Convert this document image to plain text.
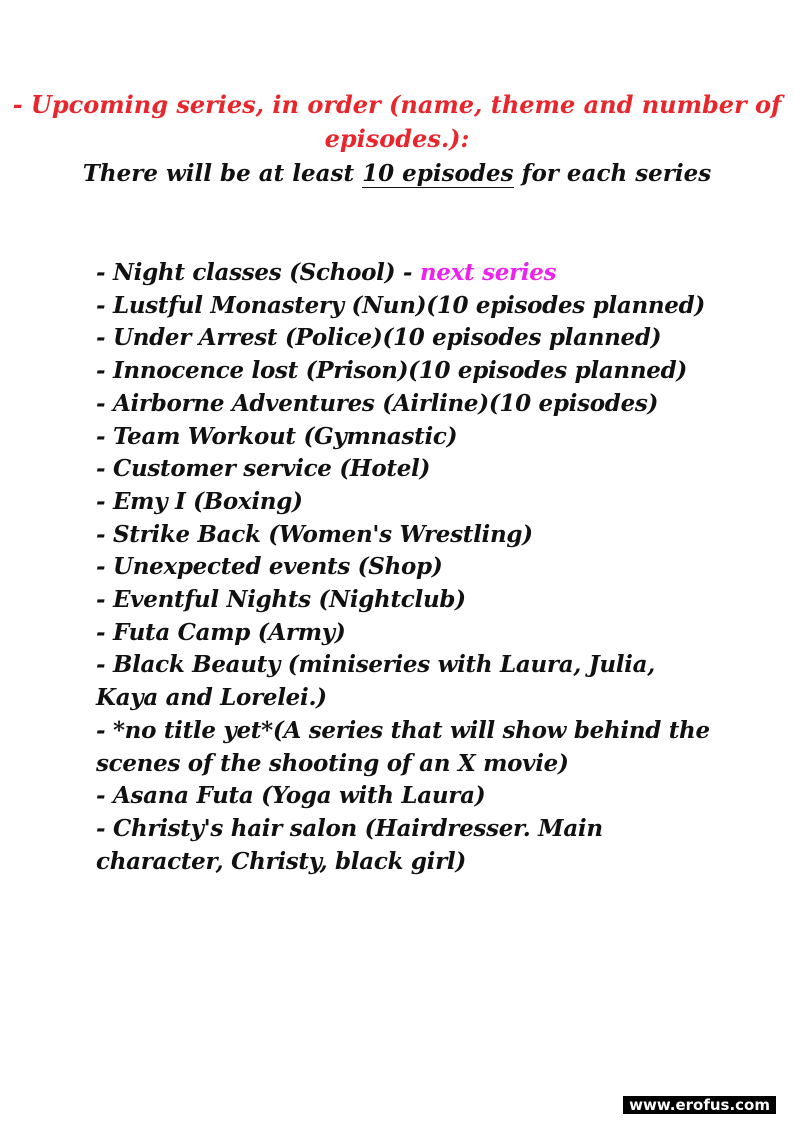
- Upcoming series, in order (name, theme and number of episodes.):
There will be at least 10 episodes for each series
- Night classes (School) - next series
- Lustful Monastery (Nun)(10 episodes planned)
- Under Arrest (Police)(10 episodes planned)
- Innocence lost (Prison)(10 episodes planned)
- Airborne Adventures (Airline)(10 episodes)
- Team Workout (Gymnastic)
- Customer service (Hotel)
- Emy I (Boxing)
- Strike Back (Women's Wrestling)
- Unexpected events (Shop)
- Eventful Nights (Nightclub)
- Futa Camp (Army)
- Black Beauty (miniseries with Laura, Julia, Kaya and Lorelei.)
- *no title yet*(A series that will show behind the scenes of the shooting of an X movie)
- Asana Futa (Yoga with Laura)
- Christy's hair salon (Hairdresser. Main character, Christy, black girl)
www.erofus.com
